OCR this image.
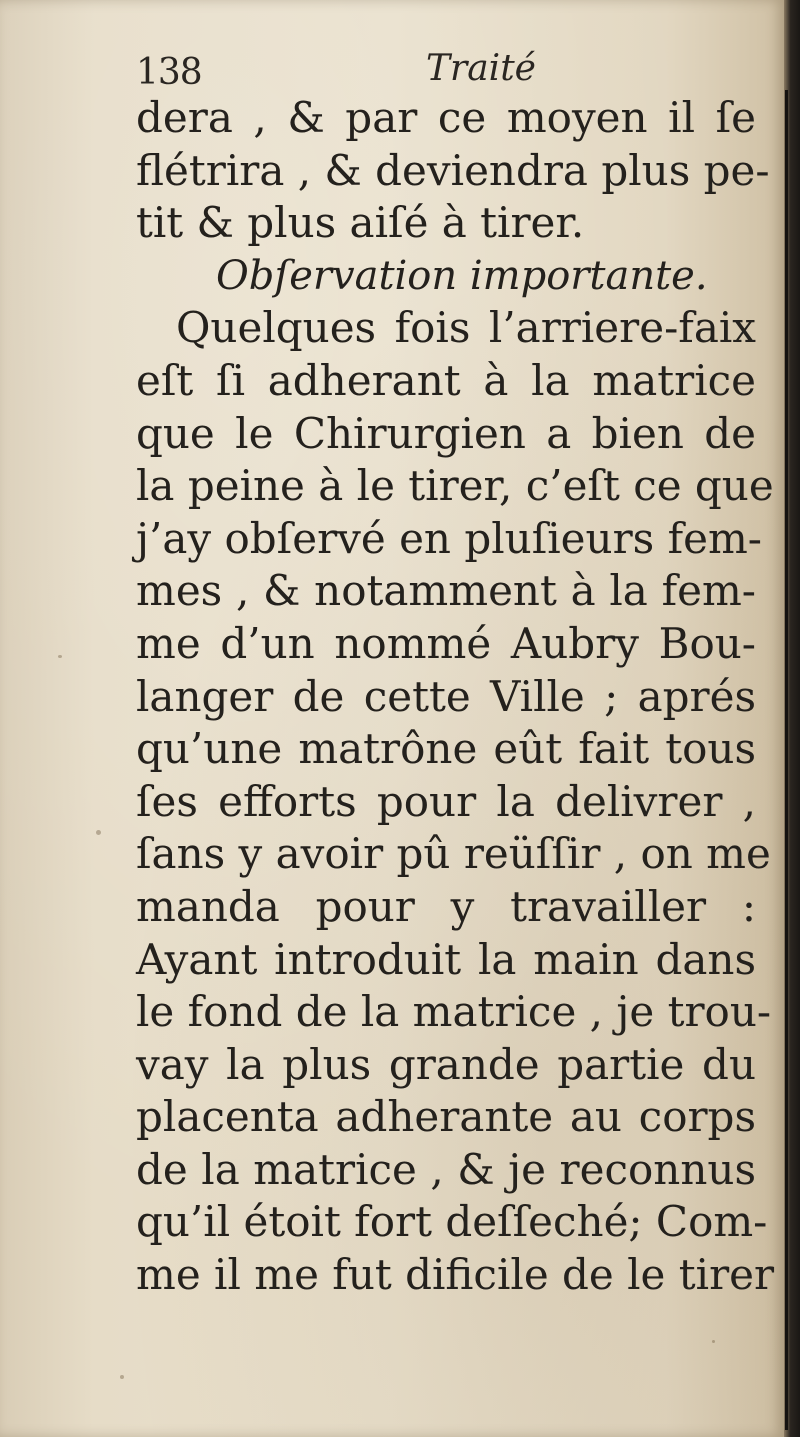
138	Traité
dera , & par ce moyen il ſe
flétrira , & deviendra plus pe-
tit & plus aiſé à tirer.
Obſervation importante.
Quelques fois l’arriere-faix
eſt ſi adherant à la matrice
que le Chirurgien a bien de
la peine à le tirer, c’eſt ce que
j’ay obſervé en pluſieurs fem-
mes , & notamment à la fem-
me d’un nommé Aubry Bou-
langer de cette Ville ; aprés
qu’une matrône eût fait tous
ſes efforts pour la delivrer ,
ſans y avoir pû reüſſir , on me
manda pour y travailler :
Ayant introduit la main dans
le fond de la matrice , je trou-
vay la plus grande partie du
placenta adherante au corps
de la matrice , & je reconnus
qu’il étoit fort deſſeché; Com-
me il me fut dificile de le tirer
